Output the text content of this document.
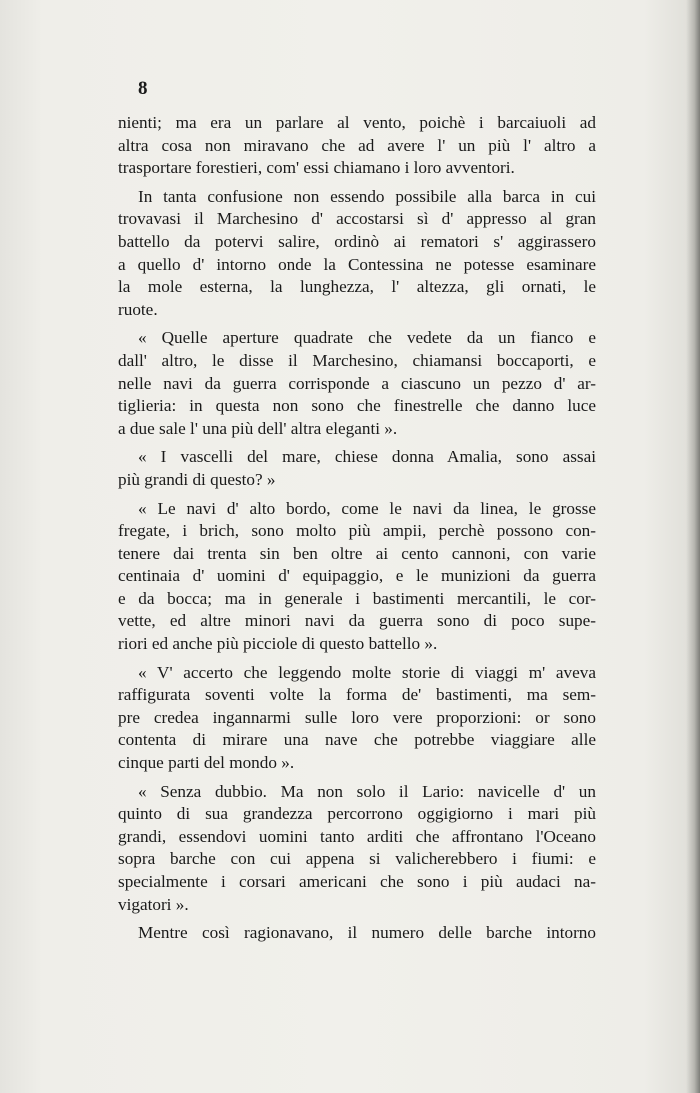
8
nienti; ma era un parlare al vento, poichè i barcaiuoli ad
altra cosa non miravano che ad avere l' un più l' altro a
trasportare forestieri, com' essi chiamano i loro avventori.
In tanta confusione non essendo possibile alla barca in cui
trovavasi il Marchesino d' accostarsi sì d' appresso al gran
battello da potervi salire, ordinò ai rematori s' aggirassero
a quello d' intorno onde la Contessina ne potesse esaminare
la mole esterna, la lunghezza, l' altezza, gli ornati, le
ruote.
« Quelle aperture quadrate che vedete da un fianco e
dall' altro, le disse il Marchesino, chiamansi boccaporti, e
nelle navi da guerra corrisponde a ciascuno un pezzo d' ar-
tiglieria: in questa non sono che finestrelle che danno luce
a due sale l' una più dell' altra eleganti ».
« I vascelli del mare, chiese donna Amalia, sono assai
più grandi di questo? »
« Le navi d' alto bordo, come le navi da linea, le grosse
fregate, i brich, sono molto più ampii, perchè possono con-
tenere dai trenta sin ben oltre ai cento cannoni, con varie
centinaia d' uomini d' equipaggio, e le munizioni da guerra
e da bocca; ma in generale i bastimenti mercantili, le cor-
vette, ed altre minori navi da guerra sono di poco supe-
riori ed anche più picciole di questo battello ».
« V' accerto che leggendo molte storie di viaggi m' aveva
raffigurata soventi volte la forma de' bastimenti, ma sem-
pre credea ingannarmi sulle loro vere proporzioni: or sono
contenta di mirare una nave che potrebbe viaggiare alle
cinque parti del mondo ».
« Senza dubbio. Ma non solo il Lario: navicelle d' un
quinto di sua grandezza percorrono oggigiorno i mari più
grandi, essendovi uomini tanto arditi che affrontano l'Oceano
sopra barche con cui appena si valicherebbero i fiumi: e
specialmente i corsari americani che sono i più audaci na-
vigatori ».
Mentre così ragionavano, il numero delle barche intorno
